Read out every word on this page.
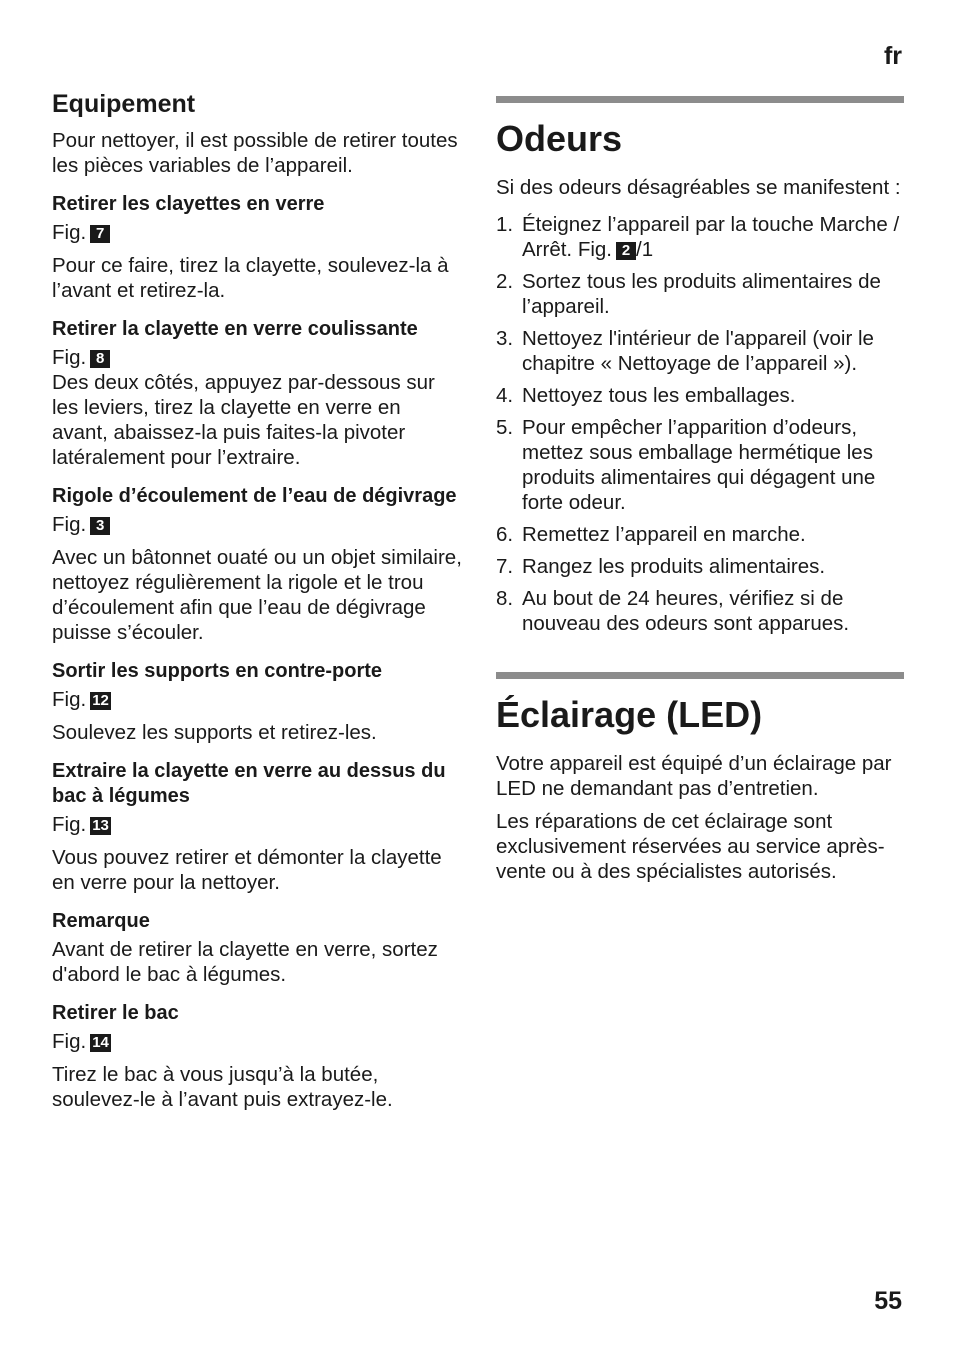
fr
Equipement
Pour nettoyer, il est possible de retirer toutes les pièces variables de l’appareil.
Retirer les clayettes en verre
Fig. 7
Pour ce faire, tirez la clayette, soulevez-la à l’avant et retirez-la.
Retirer la clayette en verre coulissante
Fig. 8
Des deux côtés, appuyez par-dessous sur les leviers, tirez la clayette en verre en avant, abaissez-la puis faites-la pivoter latéralement pour l’extraire.
Rigole d’écoulement de l’eau de dégivrage
Fig. 3
Avec un bâtonnet ouaté ou un objet similaire, nettoyez régulièrement la rigole et le trou d’écoulement afin que l’eau de dégivrage puisse s’écouler.
Sortir les supports en contre-porte
Fig. 12
Soulevez les supports et retirez-les.
Extraire la clayette en verre au dessus du bac à légumes
Fig. 13
Vous pouvez retirer et démonter la clayette en verre pour la nettoyer.
Remarque
Avant de retirer la clayette en verre, sortez d'abord le bac à légumes.
Retirer le bac
Fig. 14
Tirez le bac à vous jusqu’à la butée, soulevez-le à l’avant puis extrayez-le.
Odeurs
Si des odeurs désagréables se manifestent :
1. Éteignez l’appareil par la touche Marche / Arrêt. Fig. 2 /1
2. Sortez tous les produits alimentaires de l’appareil.
3. Nettoyez l'intérieur de l'appareil (voir le chapitre « Nettoyage de l’appareil »).
4. Nettoyez tous les emballages.
5. Pour empêcher l’apparition d’odeurs, mettez sous emballage hermétique les produits alimentaires qui dégagent une forte odeur.
6. Remettez l’appareil en marche.
7. Rangez les produits alimentaires.
8. Au bout de 24 heures, vérifiez si de nouveau des odeurs sont apparues.
Éclairage (LED)
Votre appareil est équipé d’un éclairage par LED ne demandant pas d’entretien.
Les réparations de cet éclairage sont exclusivement réservées au service après-vente ou à des spécialistes autorisés.
55
